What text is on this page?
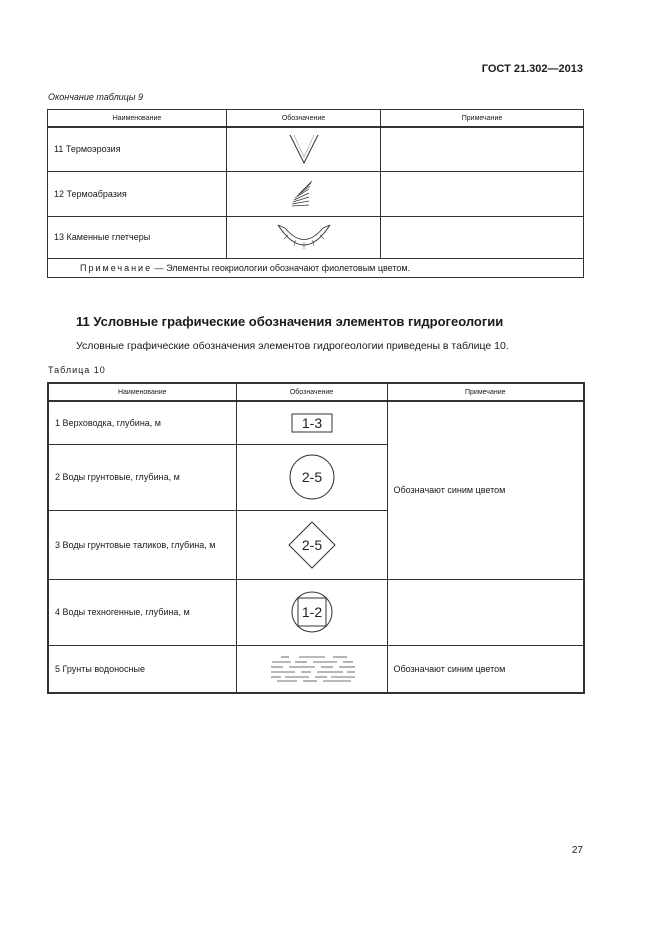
ГОСТ 21.302—2013
Окончание таблицы 9
Наименование	Обозначение	Примечание
11 Термоэрозия		
12 Термоабразия		
13 Каменные глетчеры		
Примечание — Элементы геокриологии обозначают фиолетовым цветом.		
11 Условные графические обозначения элементов гидрогеологии
Условные графические обозначения элементов гидрогеологии приведены в таблице 10.
Таблица 10
Наименование	Обозначение	Примечание
1 Верховодка, глубина, м	1-3	Обозначают синим цветом
2 Воды грунтовые, глубина, м	2-5	

3 Воды грунтовые таликов, глубина, м	2-5	

4 Воды техногенные, глубина, м	1-2	

5 Грунты водоносные		Обозначают синим цветом
27
